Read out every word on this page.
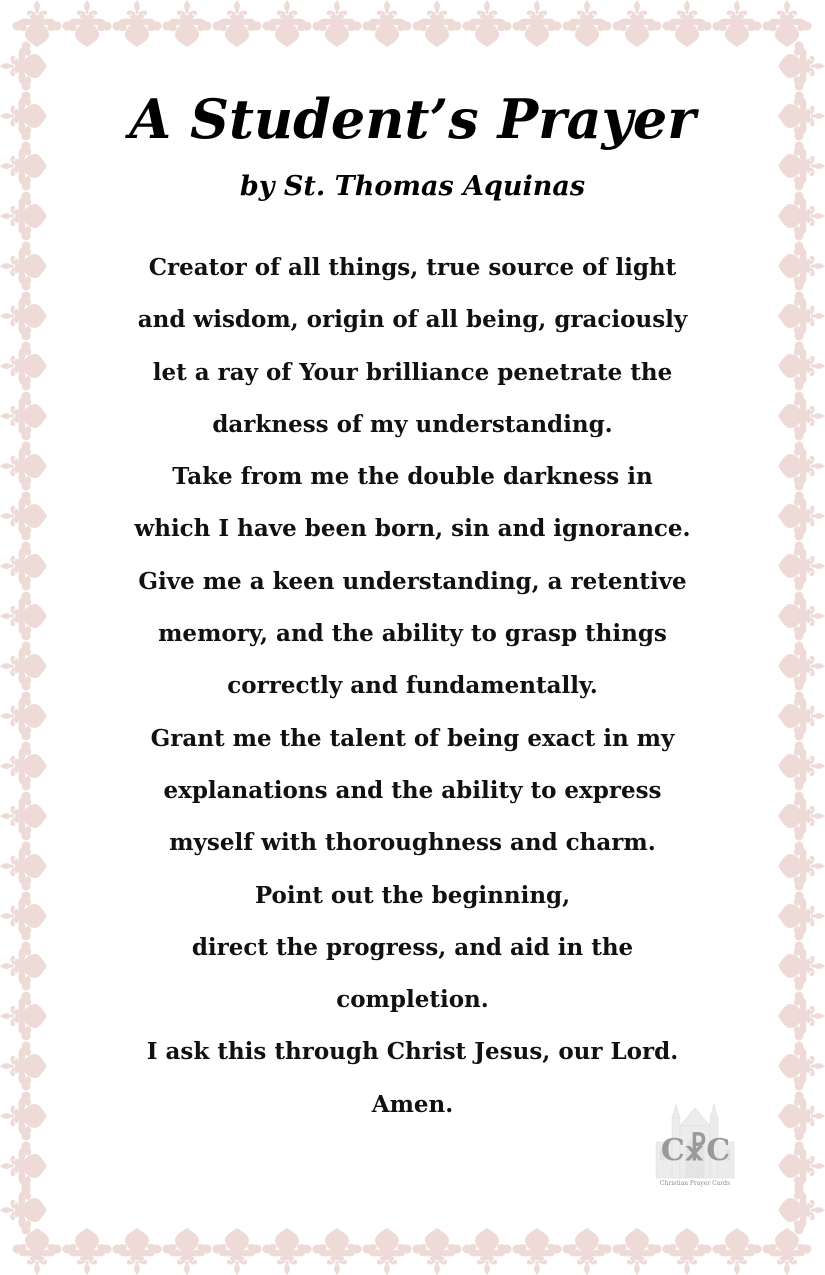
A Student’s Prayer
by St. Thomas Aquinas
Creator of all things, true source of light
and wisdom, origin of all being, graciously
let a ray of Your brilliance penetrate the
darkness of my understanding.
Take from me the double darkness in
which I have been born, sin and ignorance.
Give me a keen understanding, a retentive
memory, and the ability to grasp things
correctly and fundamentally.
Grant me the talent of being exact in my
explanations and the ability to express
myself with thoroughness and charm.
Point out the beginning,
direct the progress, and aid in the
completion.
I ask this through Christ Jesus, our Lord.
Amen.
C☧C
Christian Prayer Cards
